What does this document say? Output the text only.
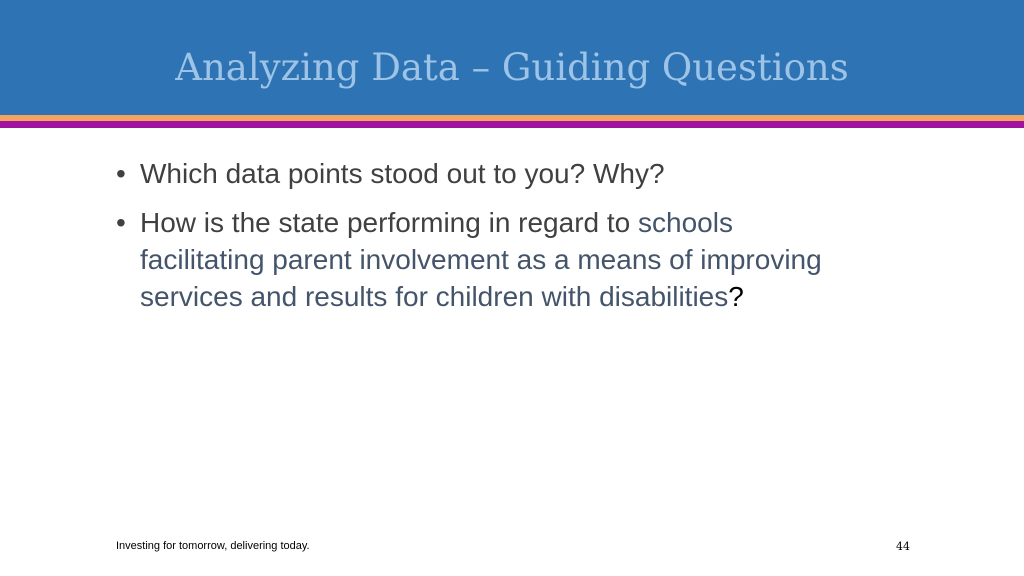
Analyzing Data – Guiding Questions
• Which data points stood out to you? Why?
• How is the state performing in regard to schools facilitating parent involvement as a means of improving services and results for children with disabilities?
Investing for tomorrow, delivering today.	44
